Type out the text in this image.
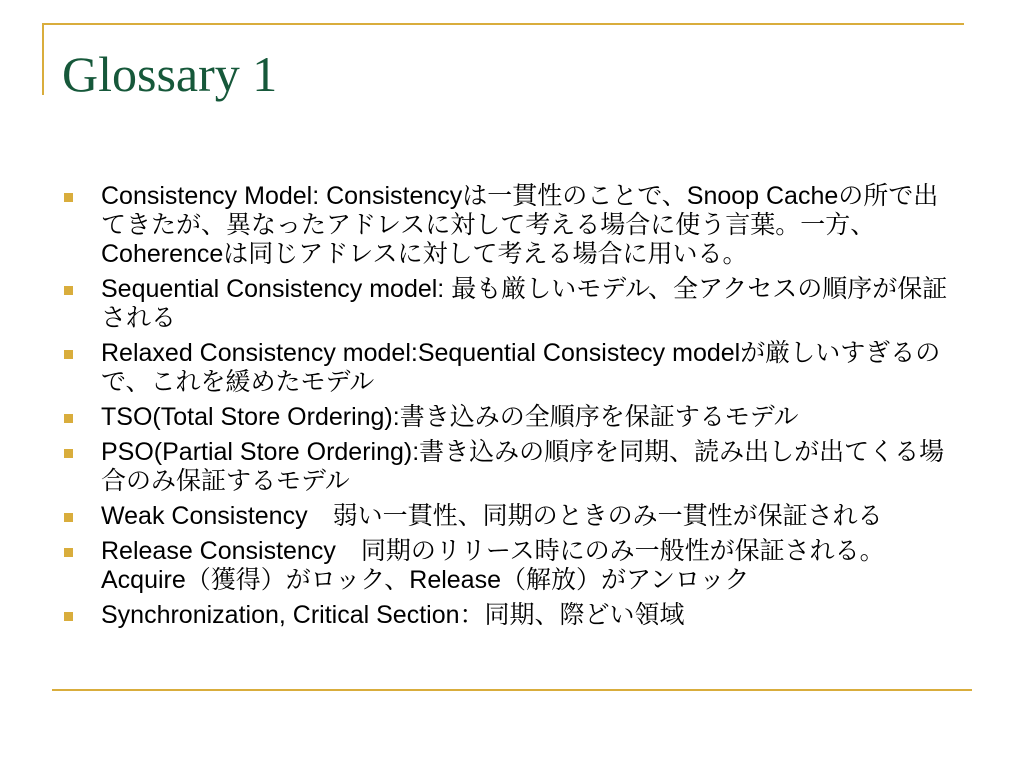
Glossary 1
Consistency Model: Consistencyは一貫性のことで、Snoop Cacheの所で出てきたが、異なったアドレスに対して考える場合に使う言葉。一方、Coherenceは同じアドレスに対して考える場合に用いる。
Sequential Consistency model: 最も厳しいモデル、全アクセスの順序が保証される
Relaxed Consistency model:Sequential Consistecy modelが厳しいすぎるので、これを緩めたモデル
TSO(Total Store Ordering):書き込みの全順序を保証するモデル
PSO(Partial Store Ordering):書き込みの順序を同期、読み出しが出てくる場合のみ保証するモデル
Weak Consistency　弱い一貫性、同期のときのみ一貫性が保証される
Release Consistency　同期のリリース時にのみ一般性が保証される。Acquire（獲得）がロック、Release（解放）がアンロック
Synchronization, Critical Section：同期、際どい領域
